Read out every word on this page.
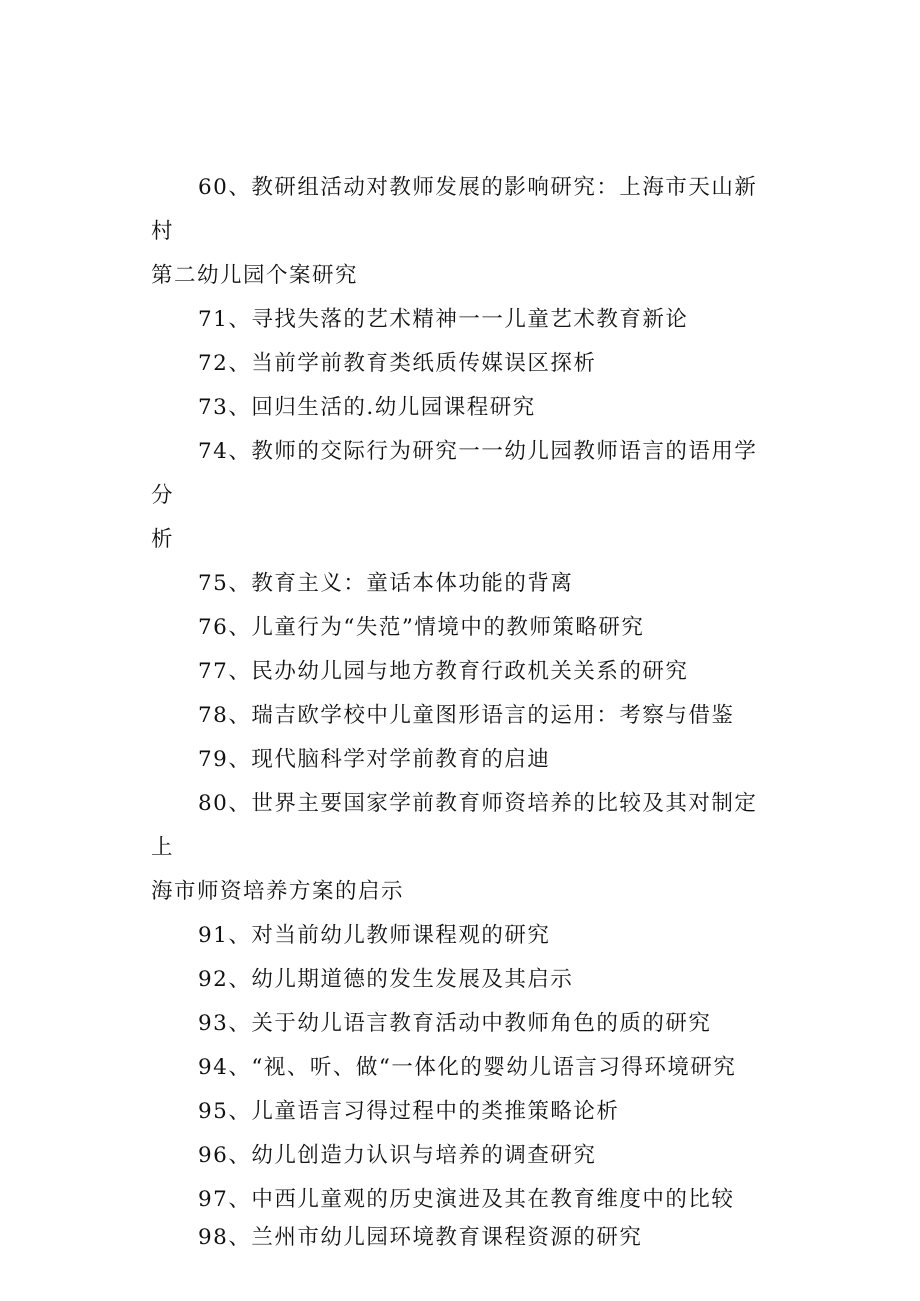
60、教研组活动对教师发展的影响研究：上海市天山新村
第二幼儿园个案研究

71、寻找失落的艺术精神一一儿童艺术教育新论

72、当前学前教育类纸质传媒误区探析

73、回归生活的.幼儿园课程研究

74、教师的交际行为研究一一幼儿园教师语言的语用学分
析

75、教育主义：童话本体功能的背离

76、儿童行为“失范”情境中的教师策略研究

77、民办幼儿园与地方教育行政机关关系的研究

78、瑞吉欧学校中儿童图形语言的运用：考察与借鉴

79、现代脑科学对学前教育的启迪

80、世界主要国家学前教育师资培养的比较及其对制定上
海市师资培养方案的启示

91、对当前幼儿教师课程观的研究

92、幼儿期道德的发生发展及其启示

93、关于幼儿语言教育活动中教师角色的质的研究

94、“视、听、做“一体化的婴幼儿语言习得环境研究

95、儿童语言习得过程中的类推策略论析

96、幼儿创造力认识与培养的调查研究

97、中西儿童观的历史演进及其在教育维度中的比较

98、兰州市幼儿园环境教育课程资源的研究
